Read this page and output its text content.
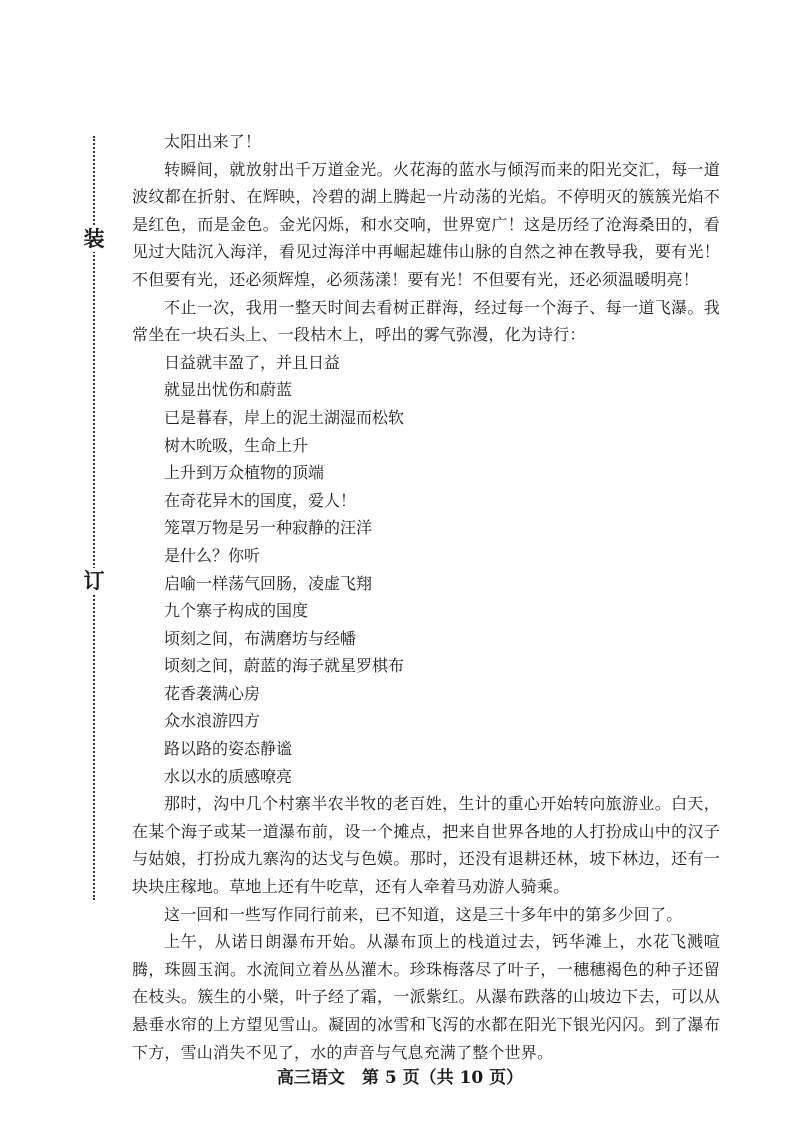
装
订

太阳出来了！

转瞬间，就放射出千万道金光。火花海的蓝水与倾泻而来的阳光交汇，每一道波纹都在折射、在辉映，冷碧的湖上腾起一片动荡的光焰。不停明灭的簇簇光焰不是红色，而是金色。金光闪烁，和水交响，世界宽广！这是历经了沧海桑田的，看见过大陆沉入海洋，看见过海洋中再崛起雄伟山脉的自然之神在教导我，要有光！不但要有光，还必须辉煌，必须荡漾！要有光！不但要有光，还必须温暖明亮！

不止一次，我用一整天时间去看树正群海，经过每一个海子、每一道飞瀑。我常坐在一块石头上、一段枯木上，呼出的雾气弥漫，化为诗行：

日益就丰盈了，并且日益

就显出忧伤和蔚蓝

已是暮春，岸上的泥土湖湿而松软

树木吮吸，生命上升

上升到万众植物的顶端

在奇花异木的国度，爱人！

笼罩万物是另一种寂静的汪洋

是什么？你听

启喻一样荡气回肠，凌虚飞翔

九个寨子构成的国度

顷刻之间，布满磨坊与经幡

顷刻之间，蔚蓝的海子就星罗棋布

花香袭满心房

众水浪游四方

路以路的姿态静谧

水以水的质感嘹亮

那时，沟中几个村寨半农半牧的老百姓，生计的重心开始转向旅游业。白天，在某个海子或某一道瀑布前，设一个摊点，把来自世界各地的人打扮成山中的汉子与姑娘，打扮成九寨沟的达戈与色嫫。那时，还没有退耕还林，坡下林边，还有一块块庄稼地。草地上还有牛吃草，还有人牵着马劝游人骑乘。

这一回和一些写作同行前来，已不知道，这是三十多年中的第多少回了。

上午，从诺日朗瀑布开始。从瀑布顶上的栈道过去，钙华滩上，水花飞溅喧腾，珠圆玉润。水流间立着丛丛灌木。珍珠梅落尽了叶子，一穗穗褐色的种子还留在枝头。簇生的小檗，叶子经了霜，一派紫红。从瀑布跌落的山坡边下去，可以从悬垂水帘的上方望见雪山。凝固的冰雪和飞泻的水都在阳光下银光闪闪。到了瀑布下方，雪山消失不见了，水的声音与气息充满了整个世界。

高三语文　第 5 页（共 10 页）
